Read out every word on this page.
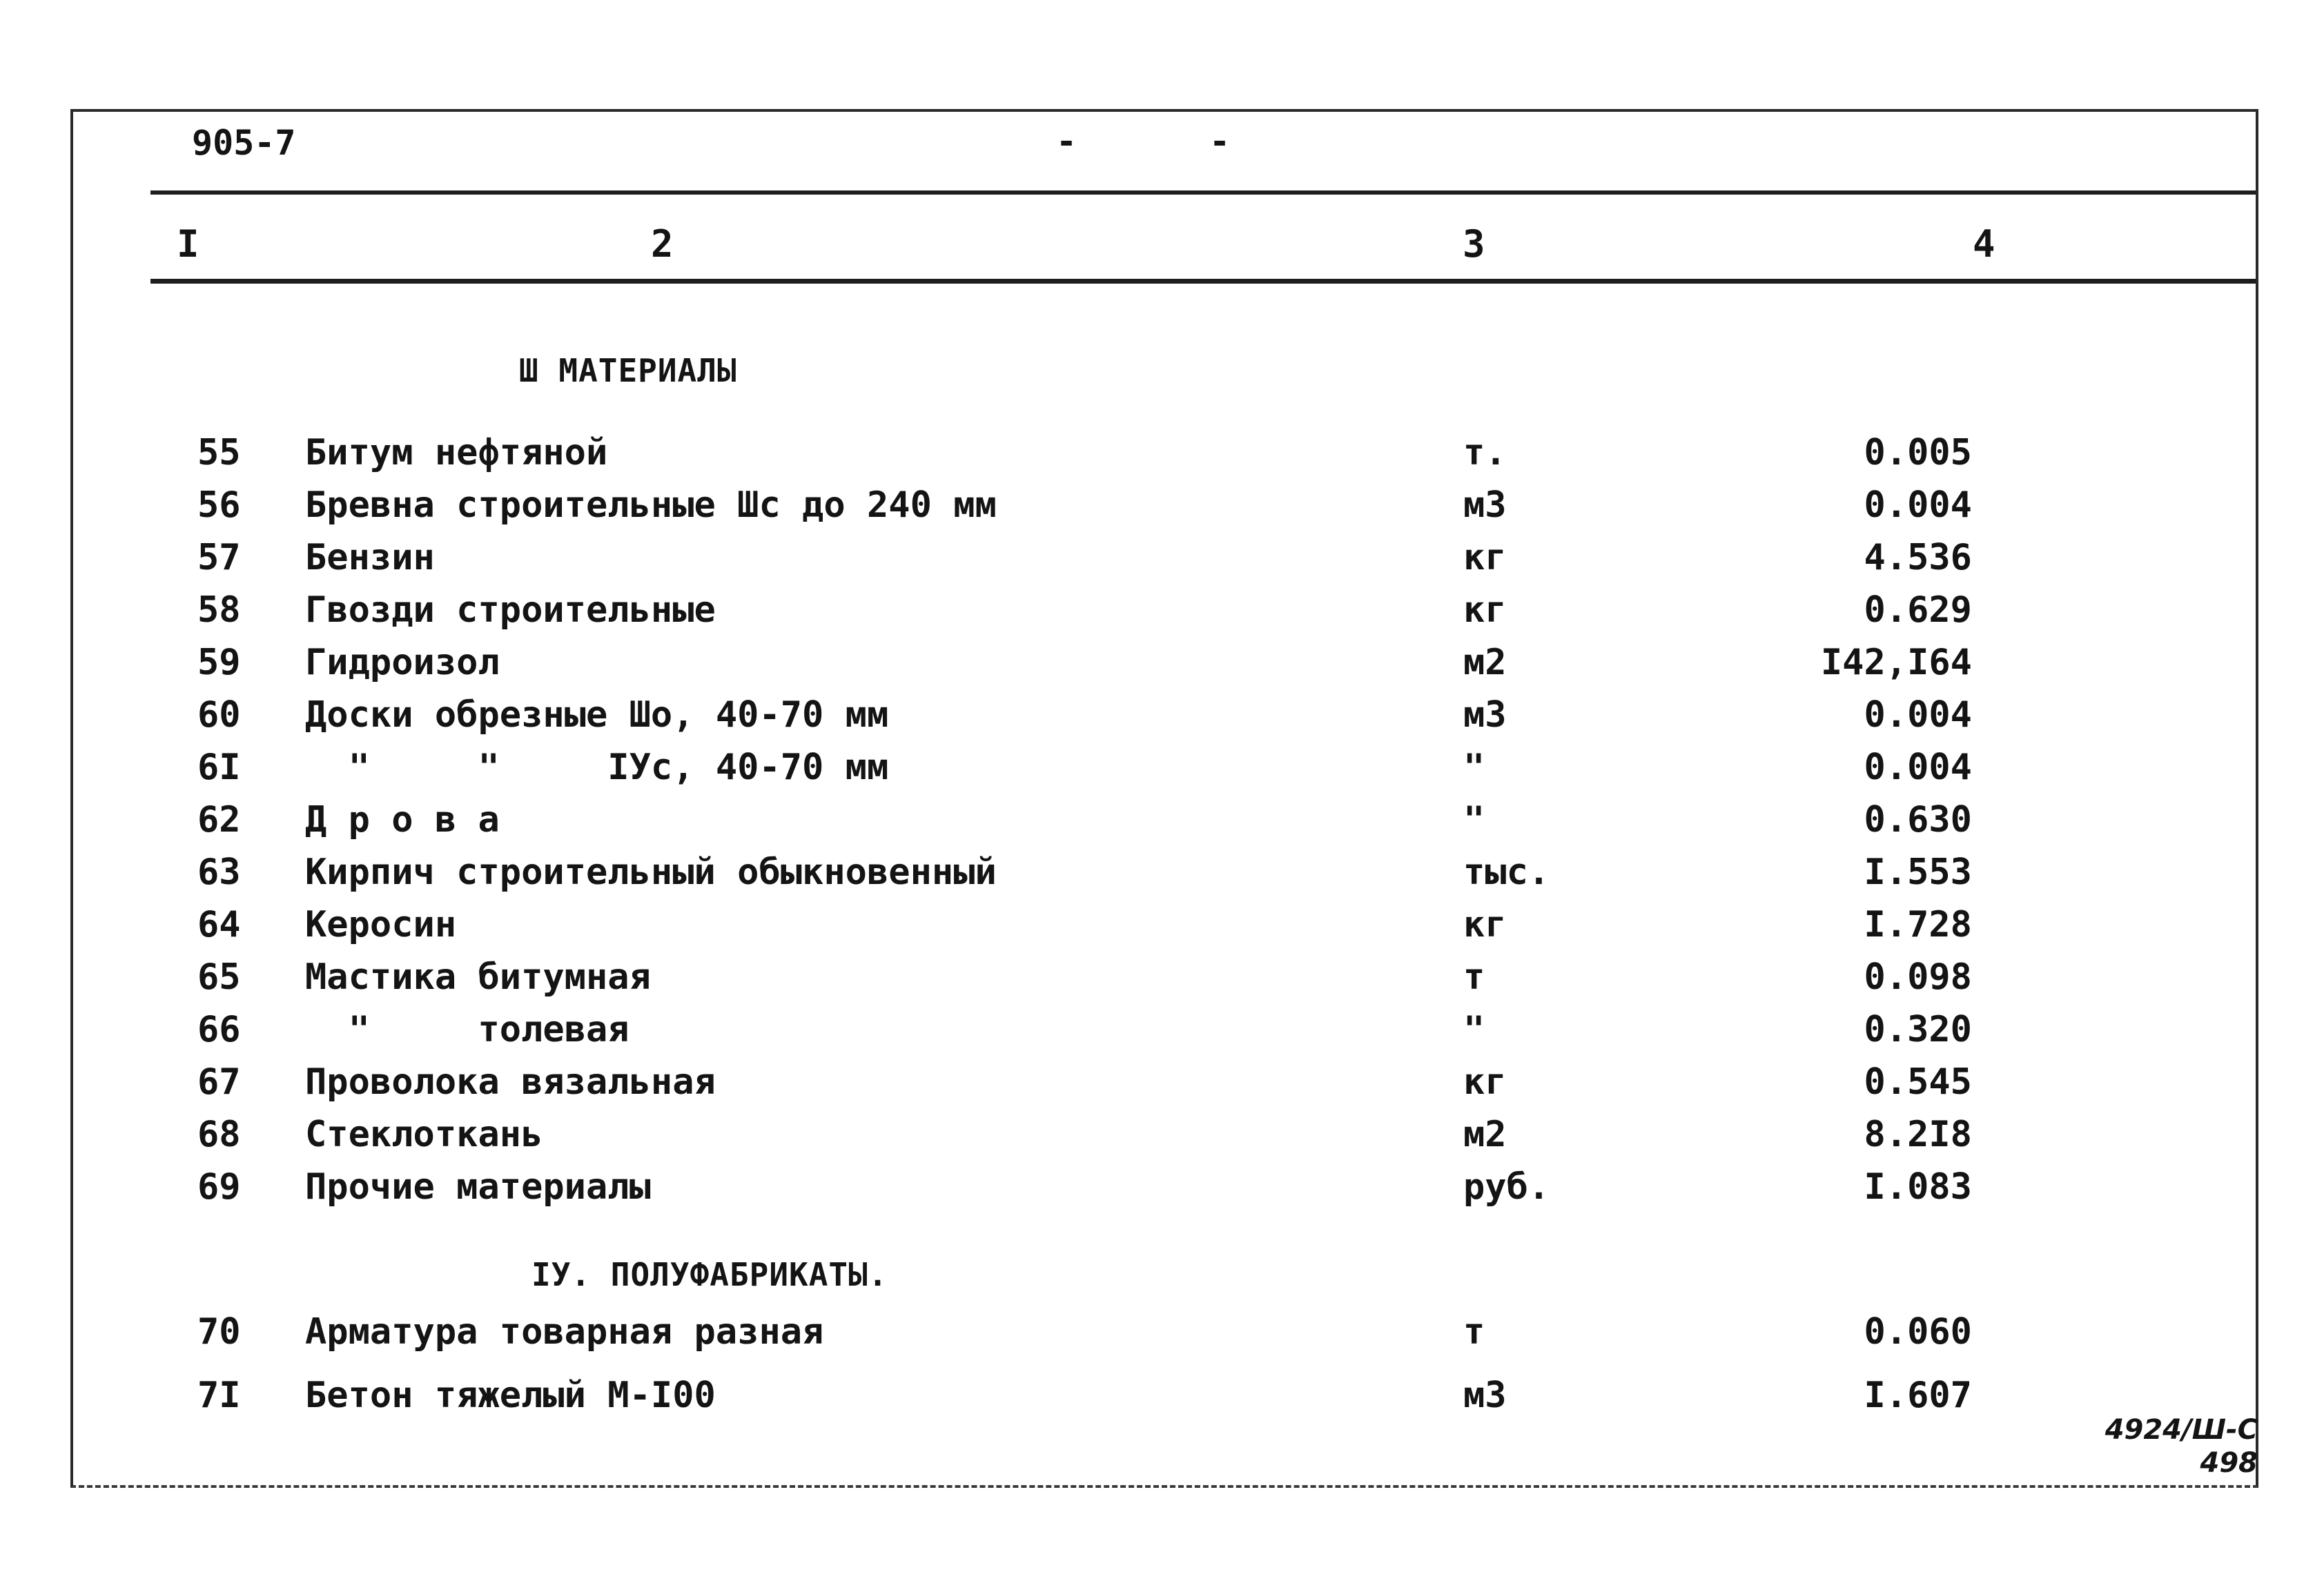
905-7	-	-
I	2	3	4
Ш МАТЕРИАЛЫ
55 Битум нефтяной	т.	0.005
56 Бревна строительные Шс до 240 мм	м3	0.004
57 Бензин	кг	4.536
58 Гвозди строительные	кг	0.629
59 Гидроизол	м2	I42,I64
60 Доски обрезные Шо, 40-70 мм	м3	0.004
6I "     "     IУс, 40-70 мм	"	0.004
62 Д р о в а	"	0.630
63 Кирпич строительный обыкновенный	тыс.	I.553
64 Керосин	кг	I.728
65 Мастика битумная	т	0.098
66 "     толевая	"	0.320
67 Проволока вязальная	кг	0.545
68 Стеклоткань	м2	8.2I8
69 Прочие материалы	руб.	I.083
IУ. ПОЛУФАБРИКАТЫ.
70 Арматура товарная разная	т	0.060
7I Бетон тяжелый М-I00	м3	I.607
4924/Ш-С
498
